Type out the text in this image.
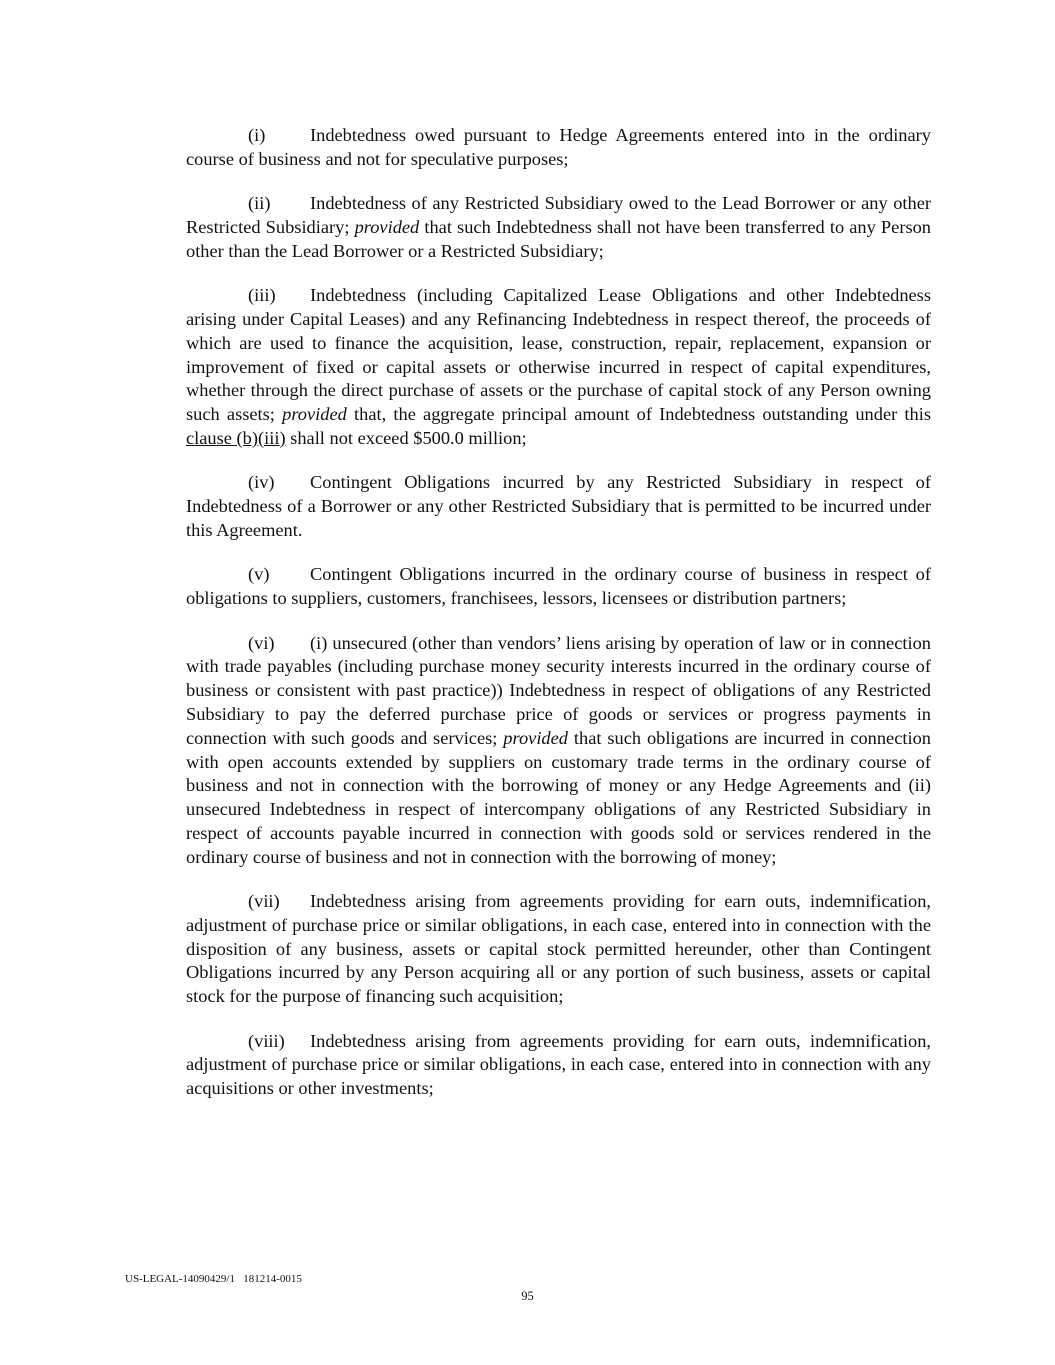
(i) Indebtedness owed pursuant to Hedge Agreements entered into in the ordinary course of business and not for speculative purposes;

(ii) Indebtedness of any Restricted Subsidiary owed to the Lead Borrower or any other Restricted Subsidiary; provided that such Indebtedness shall not have been transferred to any Person other than the Lead Borrower or a Restricted Subsidiary;

(iii) Indebtedness (including Capitalized Lease Obligations and other Indebtedness arising under Capital Leases) and any Refinancing Indebtedness in respect thereof, the proceeds of which are used to finance the acquisition, lease, construction, repair, replacement, expansion or improvement of fixed or capital assets or otherwise incurred in respect of capital expenditures, whether through the direct purchase of assets or the purchase of capital stock of any Person owning such assets; provided that, the aggregate principal amount of Indebtedness outstanding under this clause (b)(iii) shall not exceed $500.0 million;

(iv) Contingent Obligations incurred by any Restricted Subsidiary in respect of Indebtedness of a Borrower or any other Restricted Subsidiary that is permitted to be incurred under this Agreement.

(v) Contingent Obligations incurred in the ordinary course of business in respect of obligations to suppliers, customers, franchisees, lessors, licensees or distribution partners;

(vi) (i) unsecured (other than vendors’ liens arising by operation of law or in connection with trade payables (including purchase money security interests incurred in the ordinary course of business or consistent with past practice)) Indebtedness in respect of obligations of any Restricted Subsidiary to pay the deferred purchase price of goods or services or progress payments in connection with such goods and services; provided that such obligations are incurred in connection with open accounts extended by suppliers on customary trade terms in the ordinary course of business and not in connection with the borrowing of money or any Hedge Agreements and (ii) unsecured Indebtedness in respect of intercompany obligations of any Restricted Subsidiary in respect of accounts payable incurred in connection with goods sold or services rendered in the ordinary course of business and not in connection with the borrowing of money;

(vii) Indebtedness arising from agreements providing for earn outs, indemnification, adjustment of purchase price or similar obligations, in each case, entered into in connection with the disposition of any business, assets or capital stock permitted hereunder, other than Contingent Obligations incurred by any Person acquiring all or any portion of such business, assets or capital stock for the purpose of financing such acquisition;

(viii) Indebtedness arising from agreements providing for earn outs, indemnification, adjustment of purchase price or similar obligations, in each case, entered into in connection with any acquisitions or other investments;

US-LEGAL-14090429/1   181214-0015
95
